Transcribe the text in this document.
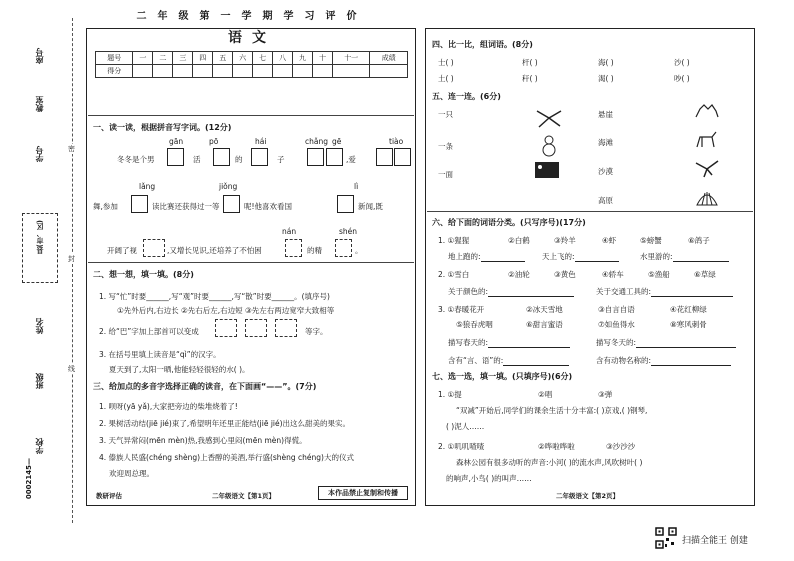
座号
教室
学号
县(市、区)
姓名
班级
学校
密
封
线
0002145—
二年级第一学期学习评价
语文
题号	一	二	三	四	五	六	七	八	九	十	十一	成绩
得分												
一、读一读，根据拼音写字词。(12分)
gān	pō	hái	chǎng gē	tiào
冬冬是个男	活	的	子	,爱
lǎng	jiǒng	lì
舞,参加	读比赛还获得过一等	呢!他喜欢看国	新闻,既
nán	shén
开阔了视	,又增长见识,还培养了不怕困	的精	。
二、想一想，填一填。(8分)
1. 写“忙”时要______,写“观”时要______,写“散”时要______。(填序号)
①先外后内,右边长 ②先右后左,右边短 ③先左右两边宽窄大致相等
2. 给“巴”字加上部首可以变成	等字。
3. 在括号里填上读音是“qì”的汉字。
夏天到了,太阳一晒,他能轻轻很轻的水( )。
三、给加点的多音字选择正确的读音，在下面画“——”。(7分)
1. 呗呀(yā yǎ),大家把旁边的柴堆烧着了!
2. 果树活动结(jiē jié)束了,希望明年还里正能结(jiē jié)出这么甜美的果实。
3. 天气异常闷(mēn mèn)热,我感到心里闷(mēn mèn)得慌。
4. 傣族人民盛(chéng shèng)上香醇的美酒,举行盛(shèng chéng)大的仪式
欢迎周总理。
四、比一比，组词语。(8分)
士( )	杆( )	海( )	沙( )
土( )	秆( )	渴( )	吵( )
五、连一连。(6分)
一只
一条
一面
悬崖
海滩
沙漠
高原
六、给下面的词语分类。(只写序号)(17分)
1. ①猩猩	②白鹤	③羚羊	④虾	⑤螃蟹	⑥鸽子
地上跑的:	天上飞的:	水里游的:
2. ①雪白	②油轮	③黄色	④轿车	⑤渔船	⑥草绿
关于颜色的:	关于交通工具的:
3. ①春暖花开	②冰天雪地	③自言自语	④花红柳绿
⑤狼吞虎咽	⑥甜言蜜语	⑦如鱼得水	⑧寒风刺骨
描写春天的:	描写冬天的:
含有“言、语”的:	含有动物名称的:
七、选一选，填一填。(只填序号)(6分)
1. ①提	②唱	③弹
“双减”开始后,同学们的课余生活十分丰富:( )京戏,( )钢琴,
( )泥人……
2. ①叽叽喳喳	②哗啦哗啦	③沙沙沙
森林公园有很多动听的声音:小河( )的流水声,风吹树叶( )
的响声,小鸟( )的叫声……
教研评估	二年级语文【第1页】	本作品禁止复制和传播	二年级语文【第2页】
扫描全能王 创建
